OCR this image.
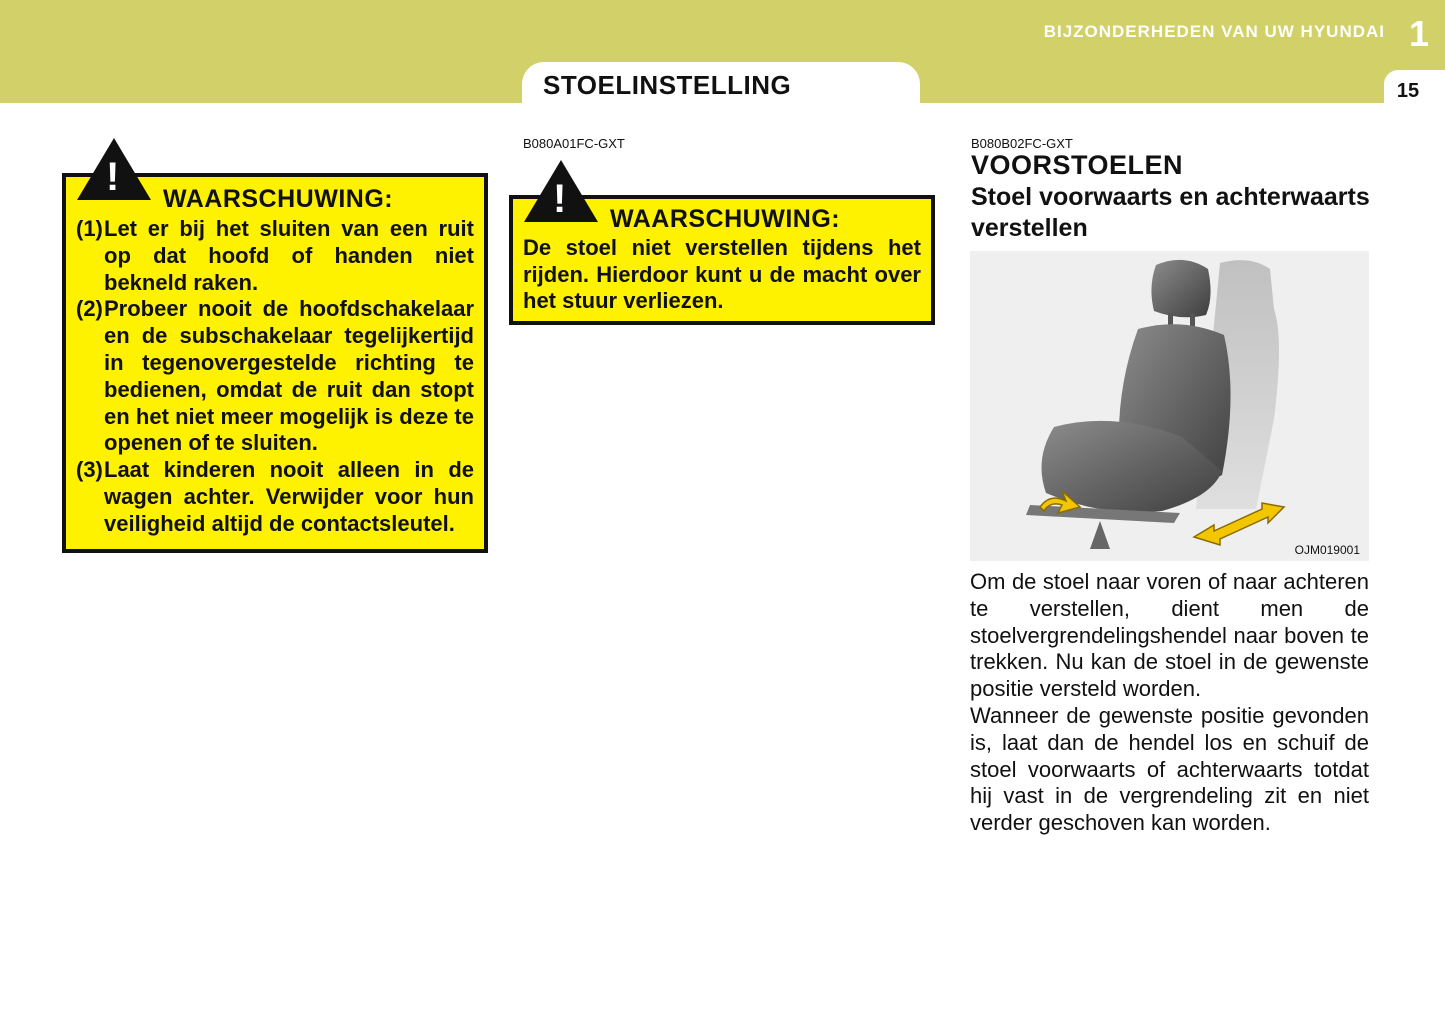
BIJZONDERHEDEN VAN UW HYUNDAI 1
15
STOELINSTELLING
! WAARSCHUWING:
(1) Let er bij het sluiten van een ruit op dat hoofd of handen niet bekneld raken.
(2) Probeer nooit de hoofdschakelaar en de subschakelaar tegelijkertijd in tegenovergestelde richting te bedienen, omdat de ruit dan stopt en het niet meer mogelijk is deze te openen of te sluiten.
(3) Laat kinderen nooit alleen in de wagen achter. Verwijder voor hun veiligheid altijd de contactsleutel.
B080A01FC-GXT
! WAARSCHUWING:
De stoel niet verstellen tijdens het rijden. Hierdoor kunt u de macht over het stuur verliezen.
B080B02FC-GXT
VOORSTOELEN
Stoel voorwaarts en achterwaarts verstellen
OJM019001

Om de stoel naar voren of naar achteren te verstellen, dient men de stoelvergrendelingshendel naar boven te trekken. Nu kan de stoel in de gewenste positie versteld worden.

Wanneer de gewenste positie gevonden is, laat dan de hendel los en schuif de stoel voorwaarts of achterwaarts totdat hij vast in de vergrendeling zit en niet verder geschoven kan worden.
